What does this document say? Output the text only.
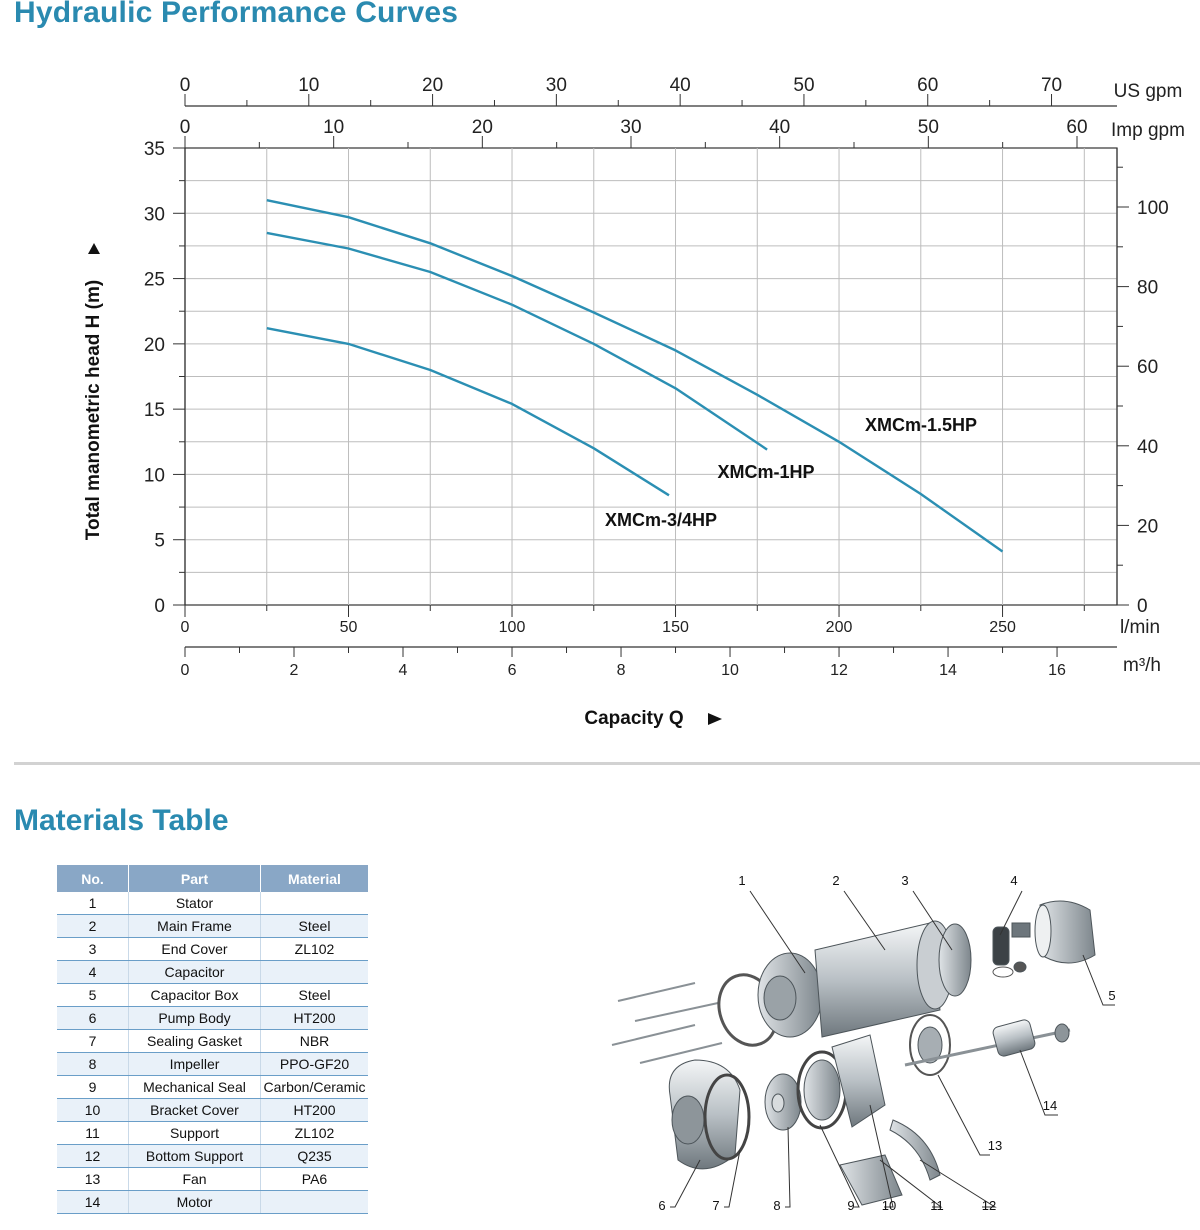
Hydraulic Performance Curves
0
5
10
15
20
25
30
35
0
20
40
60
80
100
0	50	100	150	200	250	l/min
0	2	4	6	8	10	12	14	16	m³/h
0	10	20	30	40	50	60 Imp gpm
0	10	20	30	40	50	60	70	US gpm
Total manometric head H (m)
Capacity Q
XMCm-1.5HP
XMCm-1HP
XMCm-3/4HP
Materials Table
No.	Part	Material
1	Stator	
2	Main Frame	Steel
3	End Cover	ZL102
4	Capacitor	
5	Capacitor Box	Steel
6	Pump Body	HT200
7	Sealing Gasket	NBR
8	Impeller	PPO-GF20
9	Mechanical Seal	Carbon/Ceramic
10	Bracket Cover	HT200
11	Support	ZL102
12	Bottom Support	Q235
13	Fan	PA6
14	Motor	
1	2	3	4
5
6	7	8	9 10	11	12
13
14
